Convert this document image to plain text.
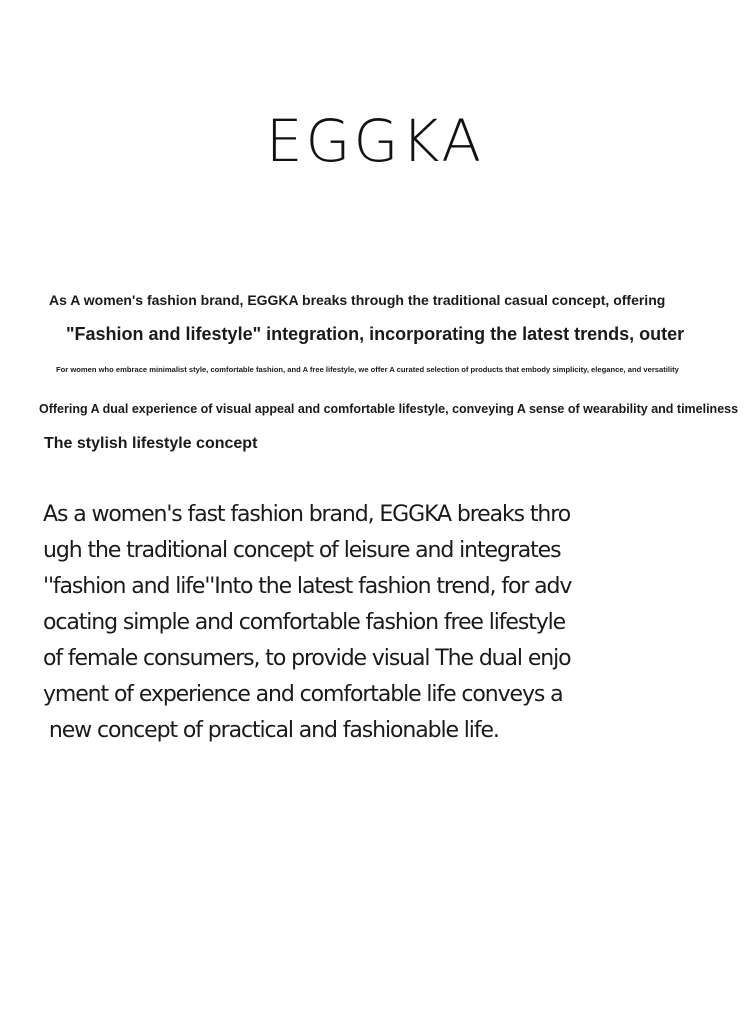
EGGKA
As A women's fashion brand, EGGKA breaks through the traditional casual concept, offering
"Fashion and lifestyle" integration, incorporating the latest trends, outer
For women who embrace minimalist style, comfortable fashion, and A free lifestyle, we offer A curated selection of products that embody simplicity, elegance, and versatility
Offering A dual experience of visual appeal and comfortable lifestyle, conveying A sense of wearability and timeliness
The stylish lifestyle concept
As a women's fast fashion brand, EGGKA breaks thro
ugh the traditional concept of leisure and integrates
''fashion and life''Into the latest fashion trend, for adv
ocating simple and comfortable fashion free lifestyle
of female consumers, to provide visual The dual enjo
yment of experience and comfortable life conveys a
new concept of practical and fashionable life.
